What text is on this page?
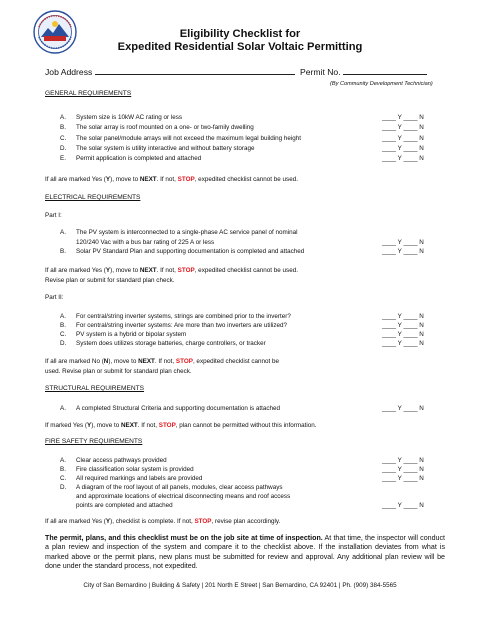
Eligibility Checklist for
Expedited Residential Solar Voltaic Permitting
Job Address	Permit No.
(By Community Development Technician)
GENERAL REQUIREMENTS
A. System size is 10kW AC rating or less	____ Y ____ N
B. The solar array is roof mounted on a one- or two-family dwelling	____ Y ____ N
C. The solar panel/module arrays will not exceed the maximum legal building height	____ Y ____ N
D. The solar system is utility interactive and without battery storage	____ Y ____ N
E. Permit application is completed and attached	____ Y ____ N
If all are marked Yes (Y), move to NEXT. If not, STOP, expedited checklist cannot be used.
ELECTRICAL REQUIREMENTS
Part I:
A. The PV system is interconnected to a single-phase AC service panel of nominal
120/240 Vac with a bus bar rating of 225 A or less	____ Y ____ N
B. Solar PV Standard Plan and supporting documentation is completed and attached	____ Y ____ N
If all are marked Yes (Y), move to NEXT. If not, STOP, expedited checklist cannot be used.
Revise plan or submit for standard plan check.
Part II:
A. For central/string inverter systems, strings are combined prior to the inverter?	____ Y ____ N
B. For central/string inverter systems: Are more than two inverters are utilized?	____ Y ____ N
C. PV system is a hybrid or bipolar system	____ Y ____ N
D. System does utilizes storage batteries, charge controllers, or tracker	____ Y ____ N
If all are marked No (N), move to NEXT. If not, STOP, expedited checklist cannot be
used. Revise plan or submit for standard plan check.
STRUCTURAL REQUIREMENTS
A. A completed Structural Criteria and supporting documentation is attached	____ Y ____ N
If marked Yes (Y), move to NEXT. If not, STOP, plan cannot be permitted without this information.
FIRE SAFETY REQUIREMENTS
A. Clear access pathways provided	____ Y ____ N
B. Fire classification solar system is provided	____ Y ____ N
C. All required markings and labels are provided	____ Y ____ N
D. A diagram of the roof layout of all panels, modules, clear access pathways
and approximate locations of electrical disconnecting means and roof access
points are completed and attached	____ Y ____ N
If all are marked Yes (Y), checklist is complete. If not, STOP, revise plan accordingly.
The permit, plans, and this checklist must be on the job site at time of inspection. At that time, the inspector will conduct a plan review and inspection of the system and compare it to the checklist above. If the installation deviates from what is marked above or the permit plans, new plans must be submitted for review and approval. Any additional plan review will be done under the standard process, not expedited.
City of San Bernardino | Building & Safety | 201 North E Street | San Bernardino, CA 92401 | Ph. (909) 384-5565
